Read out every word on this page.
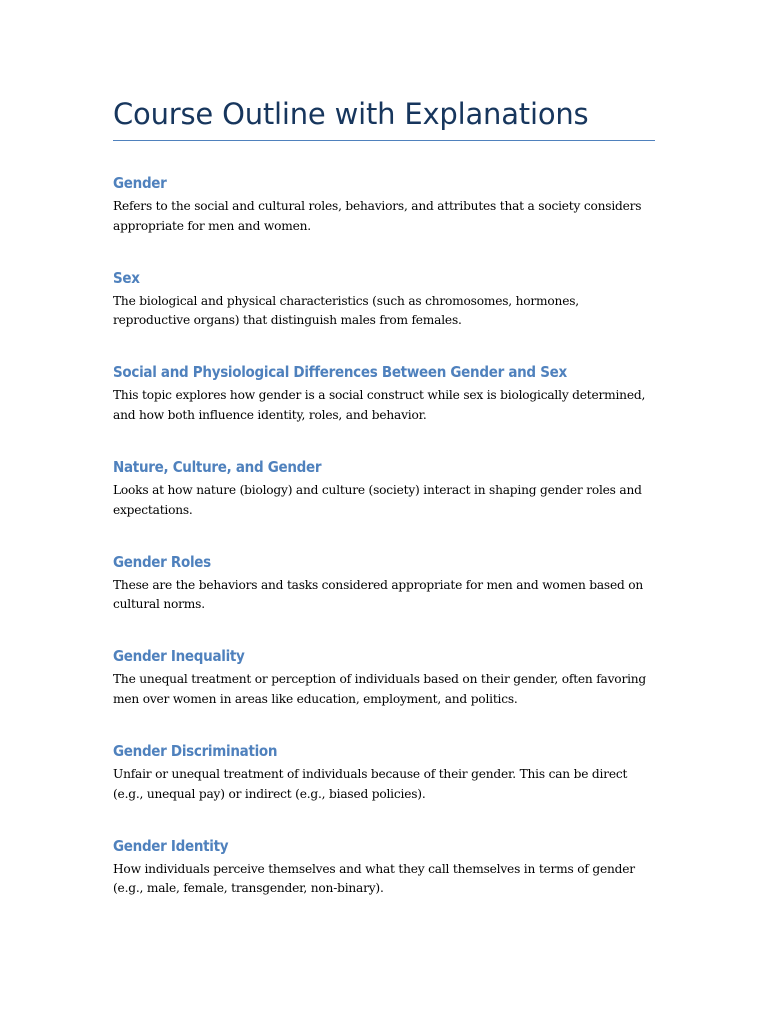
Course Outline with Explanations
Gender

Refers to the social and cultural roles, behaviors, and attributes that a society considers appropriate for men and women.

Sex

The biological and physical characteristics (such as chromosomes, hormones, reproductive organs) that distinguish males from females.

Social and Physiological Differences Between Gender and Sex

This topic explores how gender is a social construct while sex is biologically determined, and how both influence identity, roles, and behavior.

Nature, Culture, and Gender

Looks at how nature (biology) and culture (society) interact in shaping gender roles and expectations.

Gender Roles

These are the behaviors and tasks considered appropriate for men and women based on cultural norms.

Gender Inequality

The unequal treatment or perception of individuals based on their gender, often favoring men over women in areas like education, employment, and politics.

Gender Discrimination

Unfair or unequal treatment of individuals because of their gender. This can be direct (e.g., unequal pay) or indirect (e.g., biased policies).

Gender Identity

How individuals perceive themselves and what they call themselves in terms of gender (e.g., male, female, transgender, non-binary).
